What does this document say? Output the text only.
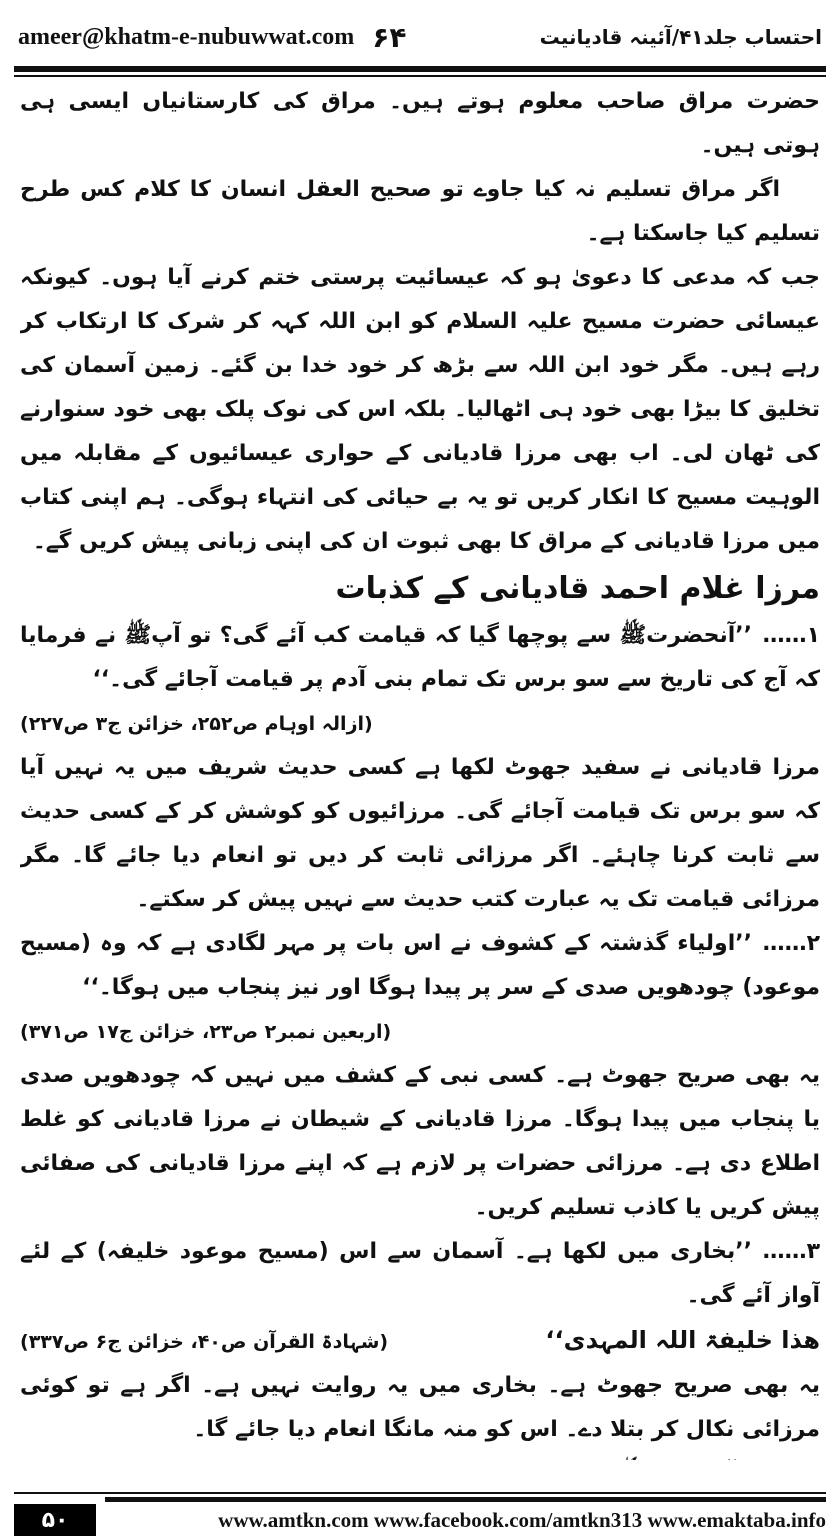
ameer@khatm-e-nubuwwat.com ۶۴	احتساب جلد۴۱/آئینہ قادیانیت

حضرت مراق صاحب معلوم ہوتے ہیں۔ مراق کی کارستانیاں ایسی ہی ہوتی ہیں۔

اگر مراق تسلیم نہ کیا جاوے تو صحیح العقل انسان کا کلام کس طرح تسلیم کیا جاسکتا ہے۔

جب کہ مدعی کا دعویٰ ہو کہ عیسائیت پرستی ختم کرنے آیا ہوں۔ کیونکہ عیسائی حضرت مسیح علیہ السلام کو ابن اللہ کہہ کر شرک کا ارتکاب کر رہے ہیں۔ مگر خود ابن اللہ سے بڑھ کر خود خدا بن گئے۔ زمین آسمان کی تخلیق کا بیڑا بھی خود ہی اٹھالیا۔ بلکہ اس کی نوک پلک بھی خود سنوارنے کی ٹھان لی۔ اب بھی مرزا قادیانی کے حواری عیسائیوں کے مقابلہ میں الوہیت مسیح کا انکار کریں تو یہ بے حیائی کی انتہاء ہوگی۔ ہم اپنی کتاب میں مرزا قادیانی کے مراق کا بھی ثبوت ان کی اپنی زبانی پیش کریں گے۔

مرزا غلام احمد قادیانی کے کذبات

۱……’’آنحضرتﷺ سے پوچھا گیا کہ قیامت کب آئے گی؟ تو آپﷺ نے فرمایا کہ آج کی تاریخ سے سو برس تک تمام بنی آدم پر قیامت آجائے گی۔‘‘

(ازالہ اوہام ص۲۵۲، خزائن ج۳ ص۲۲۷)

مرزا قادیانی نے سفید جھوٹ لکھا ہے کسی حدیث شریف میں یہ نہیں آیا کہ سو برس تک قیامت آجائے گی۔ مرزائیوں کو کوشش کر کے کسی حدیث سے ثابت کرنا چاہئے۔ اگر مرزائی ثابت کر دیں تو انعام دیا جائے گا۔ مگر مرزائی قیامت تک یہ عبارت کتب حدیث سے نہیں پیش کر سکتے۔

۲……’’اولیاء گذشتہ کے کشوف نے اس بات پر مہر لگادی ہے کہ وہ (مسیح موعود) چودھویں صدی کے سر پر پیدا ہوگا اور نیز پنجاب میں ہوگا۔‘‘

(اربعین نمبر۲ ص۲۳، خزائن ج۱۷ ص۳۷۱)

یہ بھی صریح جھوٹ ہے۔ کسی نبی کے کشف میں نہیں کہ چودھویں صدی یا پنجاب میں پیدا ہوگا۔ مرزا قادیانی کے شیطان نے مرزا قادیانی کو غلط اطلاع دی ہے۔ مرزائی حضرات پر لازم ہے کہ اپنے مرزا قادیانی کی صفائی پیش کریں یا کاذب تسلیم کریں۔

۳……’’بخاری میں لکھا ہے۔ آسمان سے اس (مسیح موعود خلیفہ) کے لئے آواز آئے گی۔

ھذا خلیفۃ اللہ المہدی‘‘
(شہادۃ القرآن ص۴۰، خزائن ج۶ ص۳۳۷)

یہ بھی صریح جھوٹ ہے۔ بخاری میں یہ روایت نہیں ہے۔ اگر ہے تو کوئی مرزائی نکال کر بتلا دے۔ اس کو منہ مانگا انعام دیا جائے گا۔

۵۰	www.amtkn.com www.facebook.com/amtkn313 www.emaktaba.info
